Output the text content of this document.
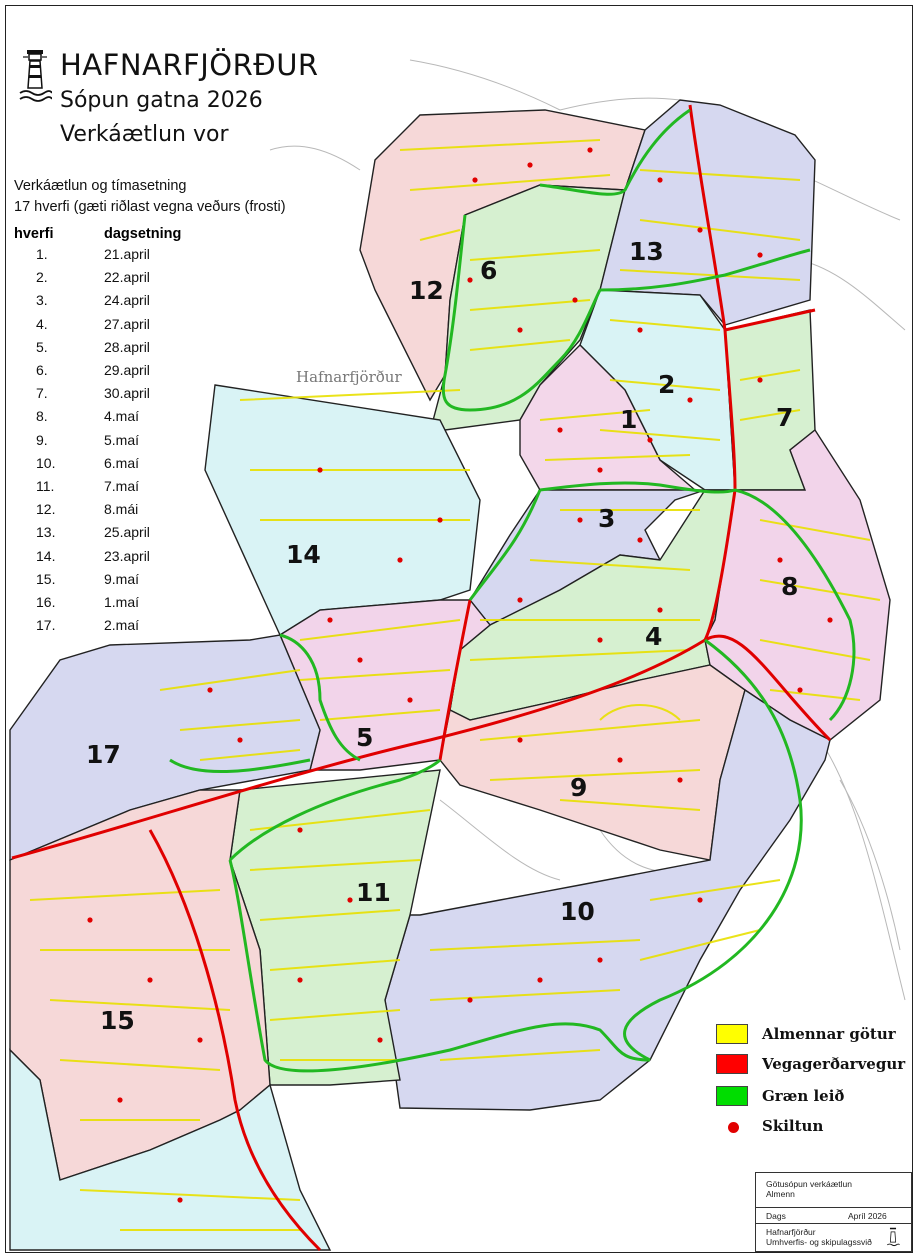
HAFNARFJÖRÐUR
Sópun gatna 2026
Verkáætlun vor
Verkáætlun og tímasetning
17 hverfi (gæti riðlast vegna veðurs (frosti)
hverfi	dagsetning
1.	21.april
2.	22.april
3.	24.april
4.	27.april
5.	28.april
6.	29.april
7.	30.april
8.	4.maí
9.	5.maí
10.	6.maí
11.	7.maí
12.	8.mái
13.	25.april
14.	23.april
15.	9.maí
16.	1.maí
17.	2.maí
1
2
3
4
5
6
7
8
9
10
11
12
13
14
15
17
Hafnarfjörður
Almennar götur
Vegagerðarvegur
Græn leið
Skiltun
Götusópun verkáætlun
Almenn
Dags	Apríl 2026
Hafnarfjörður
Umhverfis- og skipulagssvið
